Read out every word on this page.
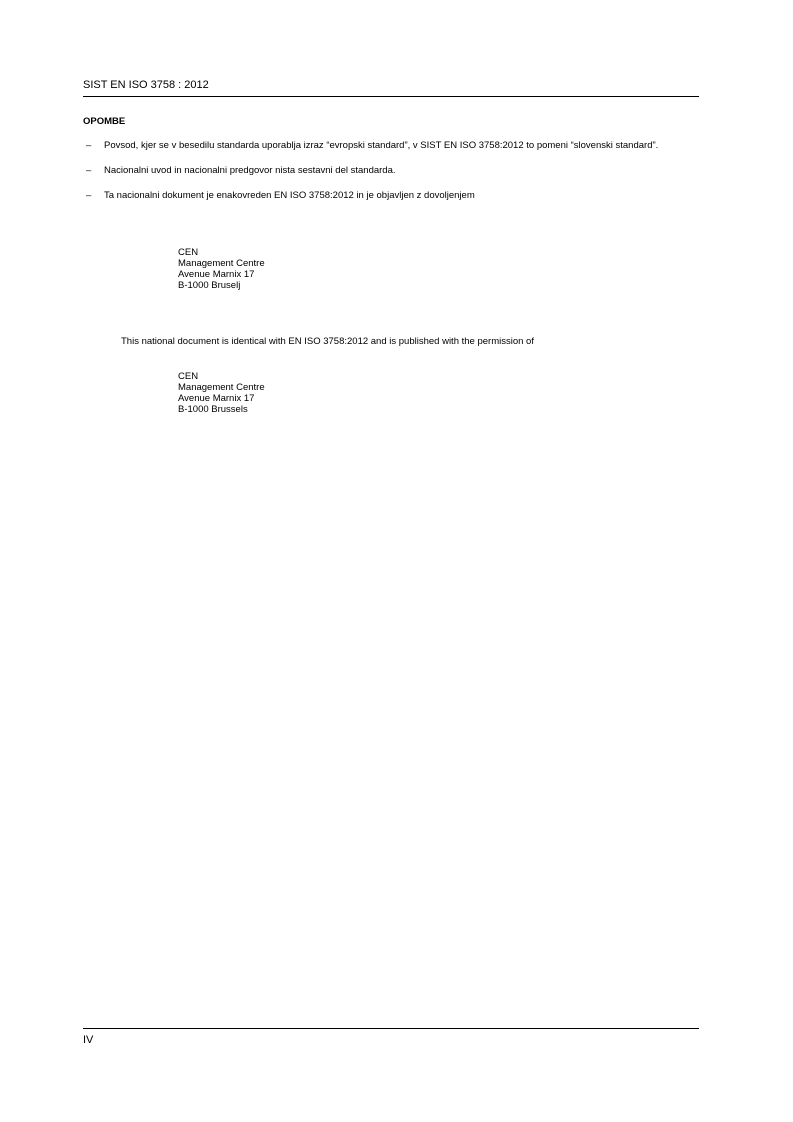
SIST EN ISO 3758 : 2012
OPOMBE
– Povsod, kjer se v besedilu standarda uporablja izraz “evropski standard”, v SIST EN ISO 3758:2012 to pomeni “slovenski standard”.
– Nacionalni uvod in nacionalni predgovor nista sestavni del standarda.
– Ta nacionalni dokument je enakovreden EN ISO 3758:2012 in je objavljen z dovoljenjem
CEN
Management Centre
Avenue Marnix 17
B-1000 Bruselj
This national document is identical with EN ISO 3758:2012 and is published with the permission of
CEN
Management Centre
Avenue Marnix 17
B-1000 Brussels
IV
